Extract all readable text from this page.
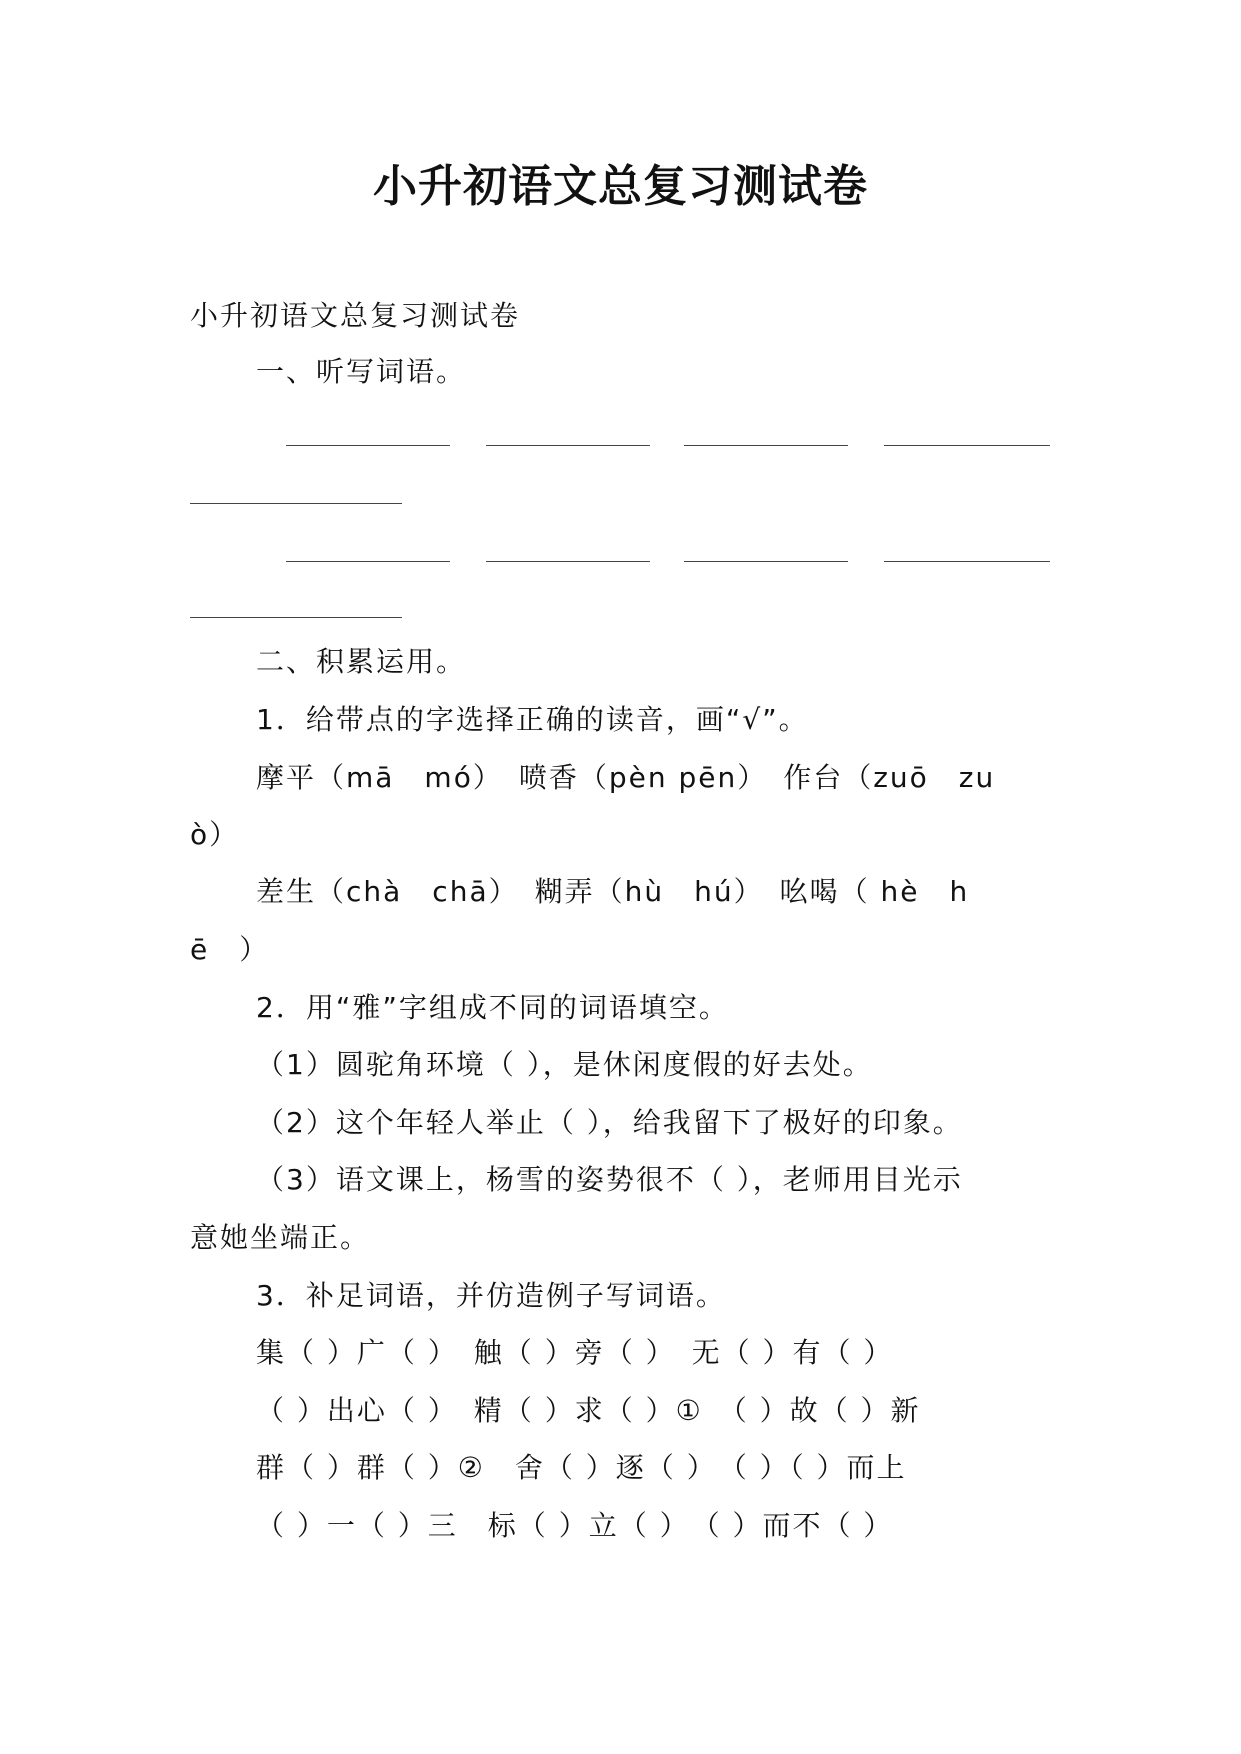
小升初语文总复习测试卷
小升初语文总复习测试卷
一、听写词语。
二、积累运用。
1．给带点的字选择正确的读音，画“√”。
摩平（mā　mó）　喷香（pèn pēn）　作台（zuō　zu
ò）
差生（chà　chā）　糊弄（hù　hú）　吆喝（ hè　h
ē　）
2．用“雅”字组成不同的词语填空。
（1）圆驼角环境（ ），是休闲度假的好去处。
（2）这个年轻人举止（ ），给我留下了极好的印象。
（3）语文课上，杨雪的姿势很不（ ），老师用目光示
意她坐端正。
3．补足词语，并仿造例子写词语。
集（ ）广（ ）　触（ ）旁（ ）　无（ ）有（ ）
（ ）出心（ ）　精（ ）求（ ）①　（ ）故（ ）新
群（ ）群（ ）②　舍（ ）逐（ ）　（ ）（ ）而上
（ ）一（ ）三　标（ ）立（ ）　（ ）而不（ ）
